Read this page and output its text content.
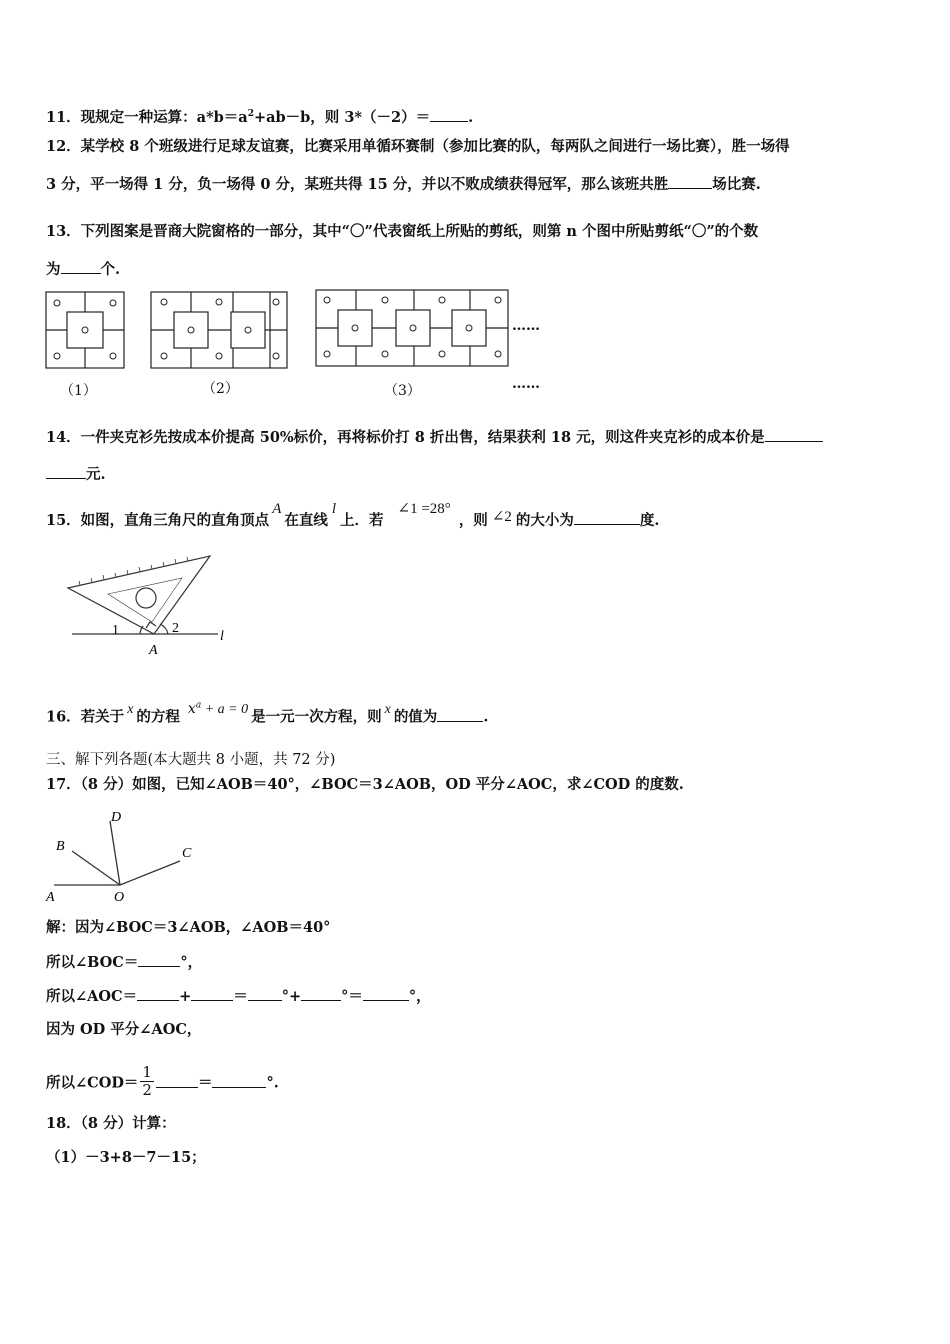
11．现规定一种运算：$a*b=a^2+ab-b$，则 3*（－2）＝	.
12．某学校 8 个班级进行足球友谊赛，比赛采用单循环赛制（参加比赛的队，每两队之间进行一场比赛），胜一场得
3 分，平一场得 1 分，负一场得 0 分，某班共得 15 分，并以不败成绩获得冠军，那么该班共胜	场比赛.
13．下列图案是晋商大院窗格的一部分，其中“〇”代表窗纸上所贴的剪纸，则第 n 个图中所贴剪纸“〇”的个数
为	个.
（1）	（2）	（3）
……
……
14．一件夹克衫先按成本价提高 50%标价，再将标价打 8 折出售，结果获利 18 元，则这件夹克衫的成本价是
元.
15．如图，直角三角尺的直角顶点A在直线l上．若∠1 =28°，则 ∠2 的大小为	度.
1	2
A
l
16．若关于 x 的方程 $x^a + a = 0$ 是一元一次方程，则 x 的值为	.
三、解下列各题(本大题共 8 小题，共 72 分)
17．（8 分）如图，已知∠AOB＝40°，∠BOC＝3∠AOB，OD 平分∠AOC，求∠COD 的度数.
D
B	C
A	O
解：因为∠BOC＝3∠AOB，∠AOB＝40°
所以∠BOC＝	°，
所以∠AOC＝	+	＝ °+	°＝	°，
因为 OD 平分∠AOC，
所以∠COD＝ $\frac{1}{2}$	＝	°.
18．（8 分）计算：
（1）－3+8－7－15；
